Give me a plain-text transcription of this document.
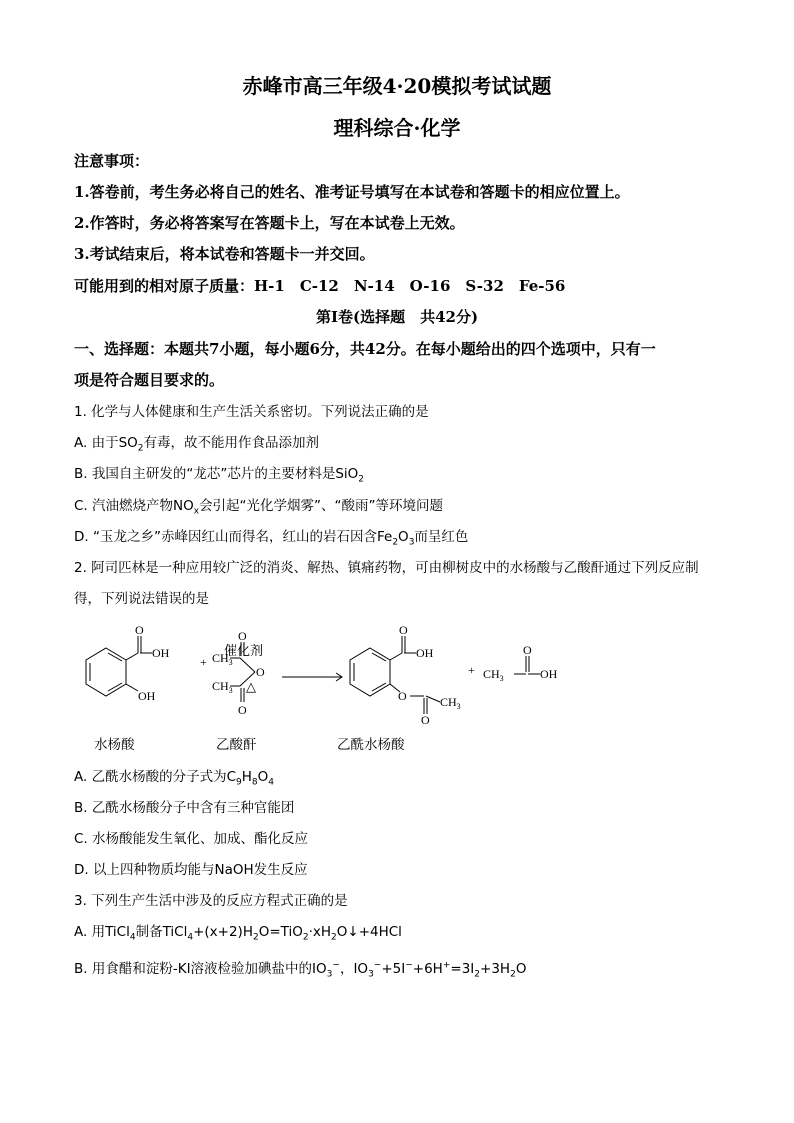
赤峰市高三年级4·20模拟考试试题
理科综合·化学
注意事项：
1.答卷前，考生务必将自己的姓名、准考证号填写在本试卷和答题卡的相应位置上。
2.作答时，务必将答案写在答题卡上，写在本试卷上无效。
3.考试结束后，将本试卷和答题卡一并交回。
可能用到的相对原子质量：H-1　C-12　N-14　O-16　S-32　Fe-56
第Ⅰ卷(选择题　共42分)
一、选择题：本题共7小题，每小题6分，共42分。在每小题给出的四个选项中，只有一
项是符合题目要求的。
1. 化学与人体健康和生产生活关系密切。下列说法正确的是
A. 由于$SO_2$有毒，故不能用作食品添加剂
B. 我国自主研发的“龙芯”芯片的主要材料是SiO$_2$
C. 汽油燃烧产物$NO_x$会引起“光化学烟雾”、“酸雨”等环境问题
D. “玉龙之乡”赤峰因红山而得名，红山的岩石因含$Fe_2O_3$而呈红色
2. 阿司匹林是一种应用较广泛的消炎、解热、镇痛药物，可由柳树皮中的水杨酸与乙酸酐通过下列反应制
得，下列说法错误的是
O
OH
OH
+ $CH_3$
$CH_3$
O
O
O
O
OH
O
O
$CH_3$
+ $CH_3$
O
OH
催化剂
△
水杨酸	乙酸酐	乙酰水杨酸
A. 乙酰水杨酸的分子式为$C_9H_8O_4$
B. 乙酰水杨酸分子中含有三种官能团
C. 水杨酸能发生氧化、加成、酯化反应
D. 以上四种物质均能与NaOH发生反应
3. 下列生产生活中涉及的反应方程式正确的是
A. 用TiCl$_4$制备$TiCl_4+(x+2)H_2O=TiO_2\cdot xH_2O↓+4HCl$
B. 用食醋和淀粉-KI溶液检验加碘盐中的$IO_3^-$，$IO_3^-+5I^-+6H^+=3I_2+3H_2O$
